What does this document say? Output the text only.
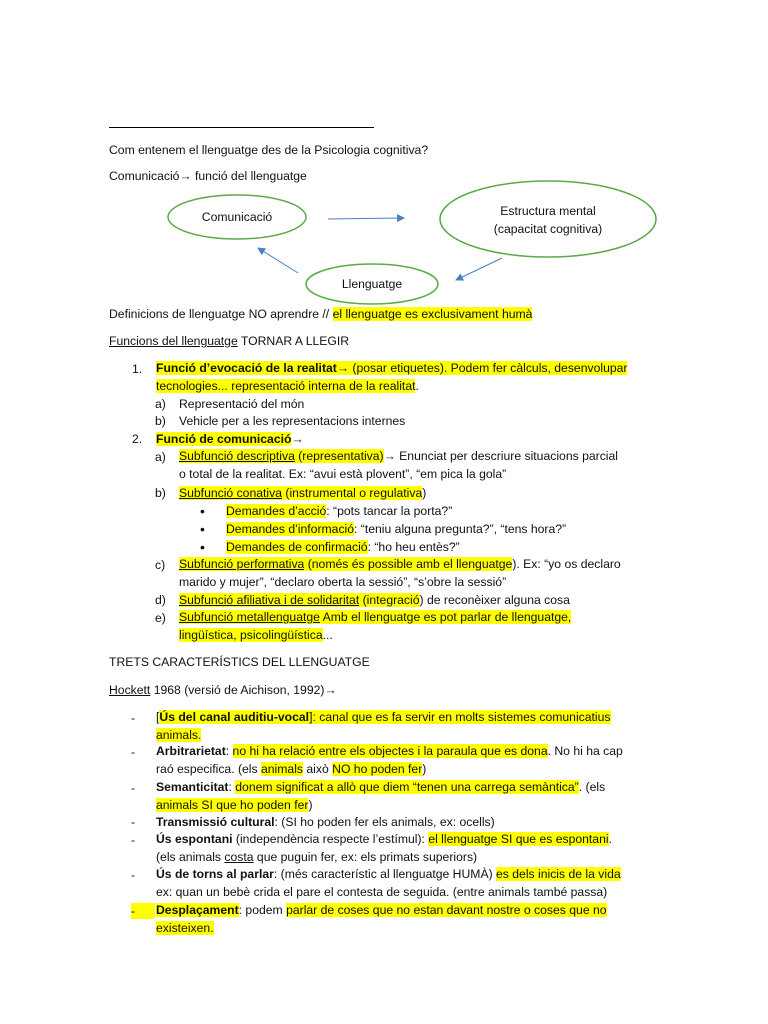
Com entenem el llenguatge des de la Psicologia cognitiva?
Comunicació→ funció del llenguatge
Comunicació	Estructura mental
(capacitat cognitiva)
Llenguatge
Definicions de llenguatge NO aprendre // el llenguatge es exclusivament humà
Funcions del llenguatge TORNAR A LLEGIR
1. Funció d’evocació de la realitat→ (posar etiquetes). Podem fer càlculs, desenvolupar
tecnologies... representació interna de la realitat.
a) Representació del món
b) Vehicle per a les representacions internes
2. Funció de comunicació→
a) Subfunció descriptiva (representativa)→ Enunciat per descriure situacions parcial
o total de la realitat. Ex: “avui està plovent”, “em pica la gola”
b) Subfunció conativa (instrumental o regulativa)
• Demandes d’acció: “pots tancar la porta?”
• Demandes d’informació: “teniu alguna pregunta?”, “tens hora?”
• Demandes de confirmació: “ho heu entès?”
c) Subfunció performativa (només és possible amb el llenguatge). Ex: “yo os declaro
marido y mujer”, “declaro oberta la sessió”, “s’obre la sessió”
d) Subfunció afiliativa i de solidaritat (integració) de reconèixer alguna cosa
e) Subfunció metallenguatge Amb el llenguatge es pot parlar de llenguatge,
lingüística, psicolingüística...
TRETS CARACTERÍSTICS DEL LLENGUATGE
Hockett 1968 (versió de Aichison, 1992)→
- [Ús del canal auditiu-vocal]: canal que es fa servir en molts sistemes comunicatius
animals.
- Arbitrarietat: no hi ha relació entre els objectes i la paraula que es dona. No hi ha cap
raó especifica. (els animals això NO ho poden fer)
- Semanticitat: donem significat a allò que diem “tenen una carrega semàntica”. (els
animals SI que ho poden fer)
- Transmissió cultural: (SI ho poden fer els animals, ex: ocells)
- Ús espontani (independència respecte l’estímul): el llenguatge SI que es espontani.
(els animals costa que puguin fer, ex: els primats superiors)
- Ús de torns al parlar: (més característic al llenguatge HUMÀ) es dels inicis de la vida
ex: quan un bebè crida el pare el contesta de seguida. (entre animals també passa)
-	Desplaçament: podem parlar de coses que no estan davant nostre o coses que no
existeixen.
